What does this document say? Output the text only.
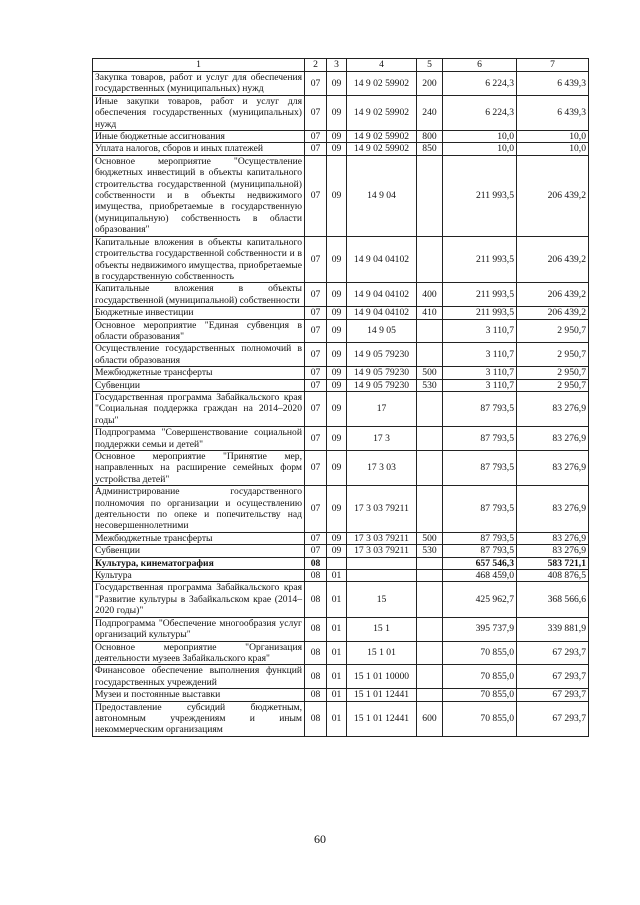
1	2	3	4	5	6	7
Закупка товаров, работ и услуг для обеспечения государственных (муниципальных) нужд	07	09	14 9 02 59902	200	6 224,3	6 439,3
Иные закупки товаров, работ и услуг для обеспечения государственных (муниципальных) нужд	07	09	14 9 02 59902	240	6 224,3	6 439,3
Иные бюджетные ассигнования	07	09	14 9 02 59902	800	10,0	10,0
Уплата налогов, сборов и иных платежей	07	09	14 9 02 59902	850	10,0	10,0
Основное мероприятие "Осуществление бюджетных инвестиций в объекты капитального строительства государственной (муниципальной) собственности и в объекты недвижимого имущества, приобретаемые в государственную (муниципальную) собственность в области образования"	07	09	14 9 04		211 993,5	206 439,2
Капитальные вложения в объекты капитального строительства государственной собственности и в объекты недвижимого имущества, приобретаемые в государственную собственность	07	09	14 9 04 04102		211 993,5	206 439,2
Капитальные вложения в объекты государственной (муниципальной) собственности	07	09	14 9 04 04102	400	211 993,5	206 439,2
Бюджетные инвестиции	07	09	14 9 04 04102	410	211 993,5	206 439,2
Основное мероприятие "Единая субвенция в области образования"	07	09	14 9 05		3 110,7	2 950,7
Осуществление государственных полномочий в области образования	07	09	14 9 05 79230		3 110,7	2 950,7
Межбюджетные трансферты	07	09	14 9 05 79230	500	3 110,7	2 950,7
Субвенции	07	09	14 9 05 79230	530	3 110,7	2 950,7
Государственная программа Забайкальского края "Социальная поддержка граждан на 2014–2020 годы"	07	09	17		87 793,5	83 276,9
Подпрограмма "Совершенствование социальной поддержки семьи и детей"	07	09	17 3		87 793,5	83 276,9
Основное мероприятие "Принятие мер, направленных на расширение семейных форм устройства детей"	07	09	17 3 03		87 793,5	83 276,9
Администрирование государственного полномочия по организации и осуществлению деятельности по опеке и попечительству над несовершеннолетними	07	09	17 3 03 79211		87 793,5	83 276,9
Межбюджетные трансферты	07	09	17 3 03 79211	500	87 793,5	83 276,9
Субвенции	07	09	17 3 03 79211	530	87 793,5	83 276,9
Культура, кинематография	08				657 546,3	583 721,1
Культура	08	01			468 459,0	408 876,5
Государственная программа Забайкальского края "Развитие культуры в Забайкальском крае (2014–2020 годы)"	08	01	15		425 962,7	368 566,6
Подпрограмма "Обеспечение многообразия услуг организаций культуры"	08	01	15 1		395 737,9	339 881,9
Основное мероприятие "Организация деятельности музеев Забайкальского края"	08	01	15 1 01		70 855,0	67 293,7
Финансовое обеспечение выполнения функций государственных учреждений	08	01	15 1 01 10000		70 855,0	67 293,7
Музеи и постоянные выставки	08	01	15 1 01 12441		70 855,0	67 293,7
Предоставление субсидий бюджетным, автономным учреждениям и иным некоммерческим организациям	08	01	15 1 01 12441	600	70 855,0	67 293,7
60
